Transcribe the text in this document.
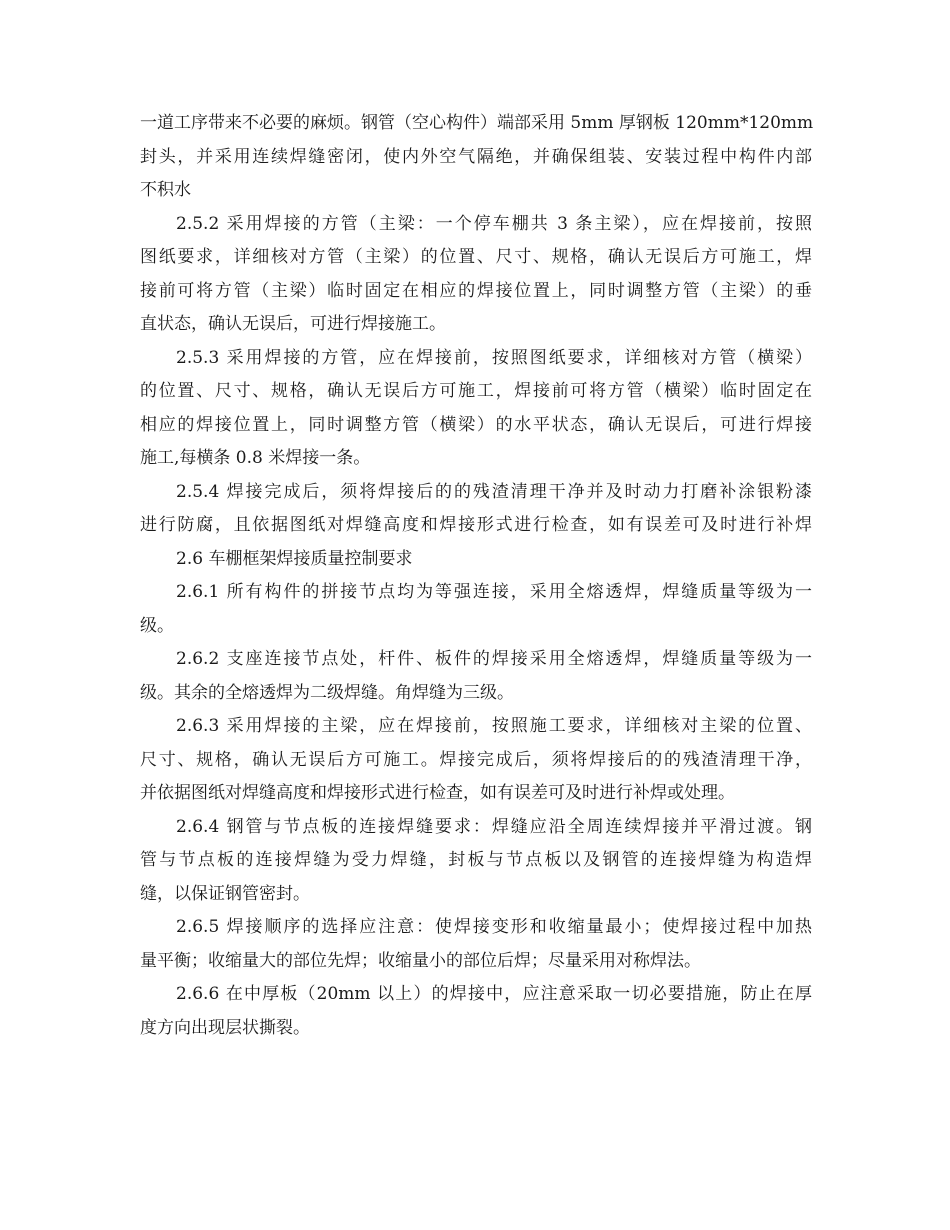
一道工序带来不必要的麻烦。钢管（空心构件）端部采用 5mm 厚钢板 120mm*120mm
封头，并采用连续焊缝密闭，使内外空气隔绝，并确保组装、安装过程中构件内部
不积水

2.5.2 采用焊接的方管（主梁：一个停车棚共 3 条主梁），应在焊接前，按照
图纸要求，详细核对方管（主梁）的位置、尺寸、规格，确认无误后方可施工，焊
接前可将方管（主梁）临时固定在相应的焊接位置上，同时调整方管（主梁）的垂
直状态，确认无误后，可进行焊接施工。

2.5.3 采用焊接的方管，应在焊接前，按照图纸要求，详细核对方管（横梁）
的位置、尺寸、规格，确认无误后方可施工，焊接前可将方管（横梁）临时固定在
相应的焊接位置上，同时调整方管（横梁）的水平状态，确认无误后，可进行焊接
施工,每横条 0.8 米焊接一条。

2.5.4 焊接完成后，须将焊接后的的残渣清理干净并及时动力打磨补涂银粉漆
进行防腐，且依据图纸对焊缝高度和焊接形式进行检查，如有误差可及时进行补焊

2.6 车棚框架焊接质量控制要求

2.6.1 所有构件的拼接节点均为等强连接，采用全熔透焊，焊缝质量等级为一
级。

2.6.2 支座连接节点处，杆件、板件的焊接采用全熔透焊，焊缝质量等级为一
级。其余的全熔透焊为二级焊缝。角焊缝为三级。

2.6.3 采用焊接的主梁，应在焊接前，按照施工要求，详细核对主梁的位置、
尺寸、规格，确认无误后方可施工。焊接完成后，须将焊接后的的残渣清理干净，
并依据图纸对焊缝高度和焊接形式进行检查，如有误差可及时进行补焊或处理。

2.6.4 钢管与节点板的连接焊缝要求：焊缝应沿全周连续焊接并平滑过渡。钢
管与节点板的连接焊缝为受力焊缝，封板与节点板以及钢管的连接焊缝为构造焊
缝，以保证钢管密封。

2.6.5 焊接顺序的选择应注意：使焊接变形和收缩量最小；使焊接过程中加热
量平衡；收缩量大的部位先焊；收缩量小的部位后焊；尽量采用对称焊法。

2.6.6 在中厚板（20mm 以上）的焊接中，应注意采取一切必要措施，防止在厚
度方向出现层状撕裂。
